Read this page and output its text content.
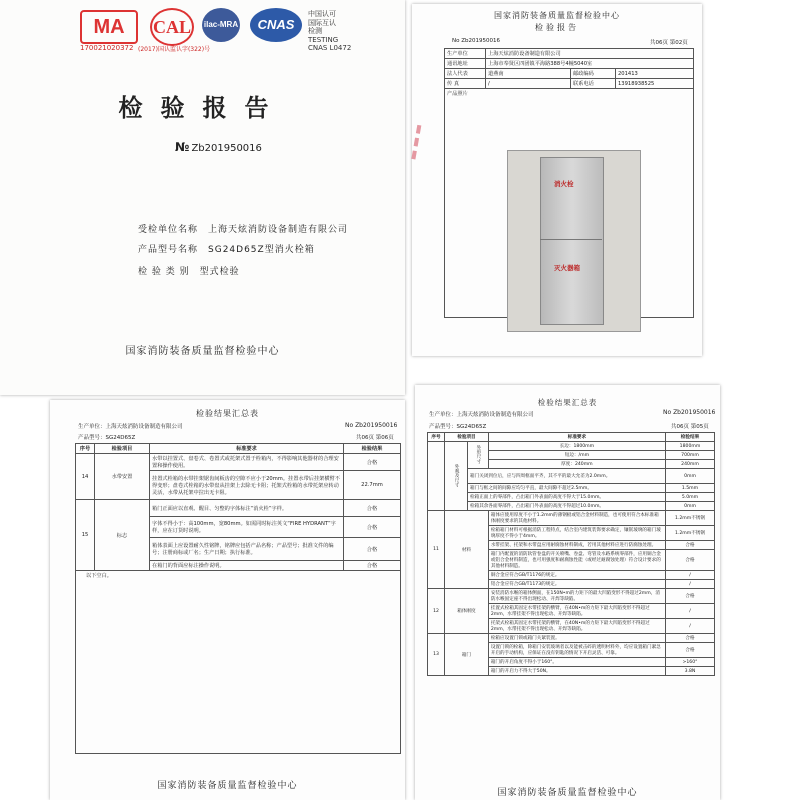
MA	CAL	ilac-MRA	CNAS
中国认可
国际互认
检测
TESTING
CNAS L0472
170021020372 (2017)国认监认字(322)号
检验报告
№ Zb201950016
受检单位名称 上海天炫消防设备制造有限公司
产品型号名称 SG24D65Z型消火栓箱
检 验 类 别 型式检验
国家消防装备质量监督检验中心
国家消防装备质量监督检验中心
检验报告
No Zb201950016	共06页 第02页
生产单位	上海天炫消防设备制造有限公司		
通讯地址	上海市奉贤区四团镇平海路388号4幢5040室		
法人代表	道燕南	邮政编码	201413
传 真	/	联系电话	13918938525
产品照片			
消火栓
灭火器箱
▮▮▮
检验结果汇总表
生产单位：上海天炫消防设备制造有限公司	No Zb201950016
产品型号：SG24D65Z	共06页 第06页
序号	检验项目	标准要求	检验结果
14	水带安置	水带以挂置式、盘卷式、卷置式或托架式置于栓箱内，不得影响其他器材的合理安置和操作使用。	合格
		挂置式栓箱的水带挂架锯齿间板齿的空隙不应小于20mm。挂置水带后挂架横臂不得变形；盘卷式栓箱的水带盘从挂架上去除无卡阻；托架式栓箱的水带托架应转动灵活，水带从托架中拉出无卡阻。	22.7mm
15	标志	箱门正面应以直观、醒目、匀整的字体标注“消火栓”字样。	合格
		字体不得小于：高100mm，宽80mm。如需同时标注英文“FIRE HYDRANT”字样，应在订货时说明。	合格
		箱体表面上应设置耐久性铭牌，铭牌应包括产品名称；产品型号；批准文件的编号；注册商标或厂名；生产日期；执行标准。	合格
		在箱门的背面应标注操作说明。	合格
以下空白。			
国家消防装备质量监督检验中心
检验结果汇总表
生产单位：上海天炫消防设备制造有限公司	No Zb201950016
产品型号：SG24D65Z	共06页 第05页
序号	检验项目		标准要求	检验结果
	外观及尺寸	外形尺寸	长边：1800mm	1800mm
			短边：/mm	700mm
			厚度：240mm	240mm
		箱门关闭到位后，应与四周框面平齐，其不平的最大允差为2.0mm。		0mm
		箱门与框之间的间隙应均匀平直，最大间隙不超过2.5mm。		1.5mm
		栓箱正面上的零部件，凸出箱门外表面的高度不得大于15.0mm。		5.0mm
		栓箱其余各面零部件，凸出箱门外表面的高度不得超过10.0mm。		0mm
11	材料		箱体应使用厚度不小于1.2mm的薄钢板或铝合金材料制造，也可使用符合本标准箱体刚度要求的其他材料。	1.2mm不锈钢
			栓箱箱门材料可根据消防工程特点，结合室内建筑装饰要求确定，镶嵌玻璃的箱门玻璃厚度不得小于4mm。	1.2mm不锈钢
			水带挂架、托架和水带盘应用耐腐蚀材料制成，若用其他材料应进行防腐蚀处理。	合格
			箱门内配置的消防软管卷盘的开关喷嘴、卷盘、弯管及水路系统零部件，应用铜合金或铝合金材料制造，也可用强度和耐腐蚀性能（或经过耐腐蚀处理）符合设计要求的其他材料制造。	合格
			铜合金应符合GB/T1176的规定。	/
			铝合金应符合GB/T1173的规定。	/
12	箱体刚度		安装消防水喉的箱体侧面，在150N•m的力矩下的最大凹陷变形不得超过2mm，消防水喉固定座不得出现松动、开焊等缺陷。	合格
			挂置式栓箱其固定水带挂架的横臂，在40N•m的力矩下最大凹陷变形不得超过2mm，水带挂架不得出现松动、开焊等缺陷。	/
			托架式栓箱其固定水带托架的横臂，在40N•m的力矩下最大凹陷变形不得超过2mm，水带托架不得出现松动、开焊等缺陷。	/
13	箱门		栓箱应设置门锁或箱门关紧装置。	合格
			设置门锁的栓箱，除箱门安装玻璃者以及能被击碎的透明材料外，均应设置箱门紧急开启的手动机构，应保证在没有钥匙的情况下开启灵活、可靠。	合格
			箱门的开启角度不得小于160°。	>160°
			箱门的开启力不得大于50N。	3.8N
国家消防装备质量监督检验中心
